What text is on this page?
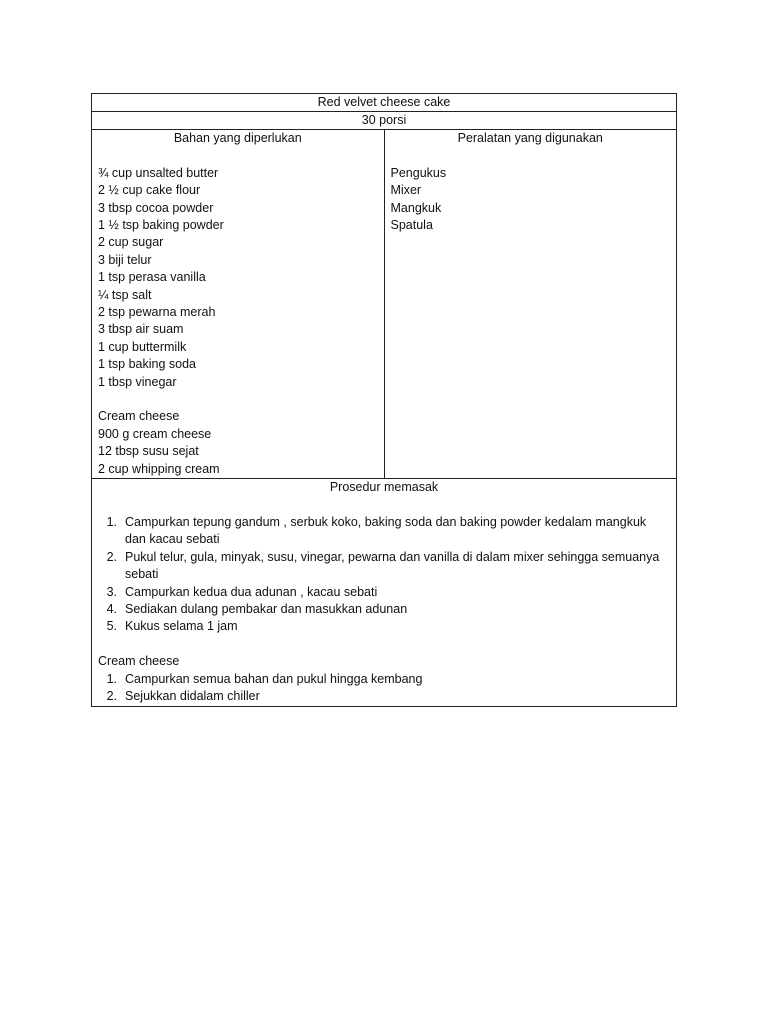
Red velvet cheese cake
30 porsi

Bahan yang diperlukan
¾ cup unsalted butter
2 ½ cup cake flour
3 tbsp cocoa powder
1 ½ tsp baking powder
2 cup sugar
3 biji telur
1 tsp perasa vanilla
¼ tsp salt
2 tsp pewarna merah
3 tbsp air suam
1 cup buttermilk
1 tsp baking soda
1 tbsp vinegar
Cream cheese
900 g cream cheese
12 tbsp susu sejat
2 cup whipping cream

Peralatan yang digunakan
Pengukus
Mixer
Mangkuk
Spatula

Prosedur memasak
1. Campurkan tepung gandum , serbuk koko, baking soda dan baking powder kedalam mangkuk dan kacau sebati
2. Pukul telur, gula, minyak, susu, vinegar, pewarna dan vanilla di dalam mixer sehingga semuanya sebati
3. Campurkan kedua dua adunan , kacau sebati
4. Sediakan dulang pembakar dan masukkan adunan
5. Kukus selama 1 jam
Cream cheese
1. Campurkan semua bahan dan pukul hingga kembang
2. Sejukkan didalam chiller
